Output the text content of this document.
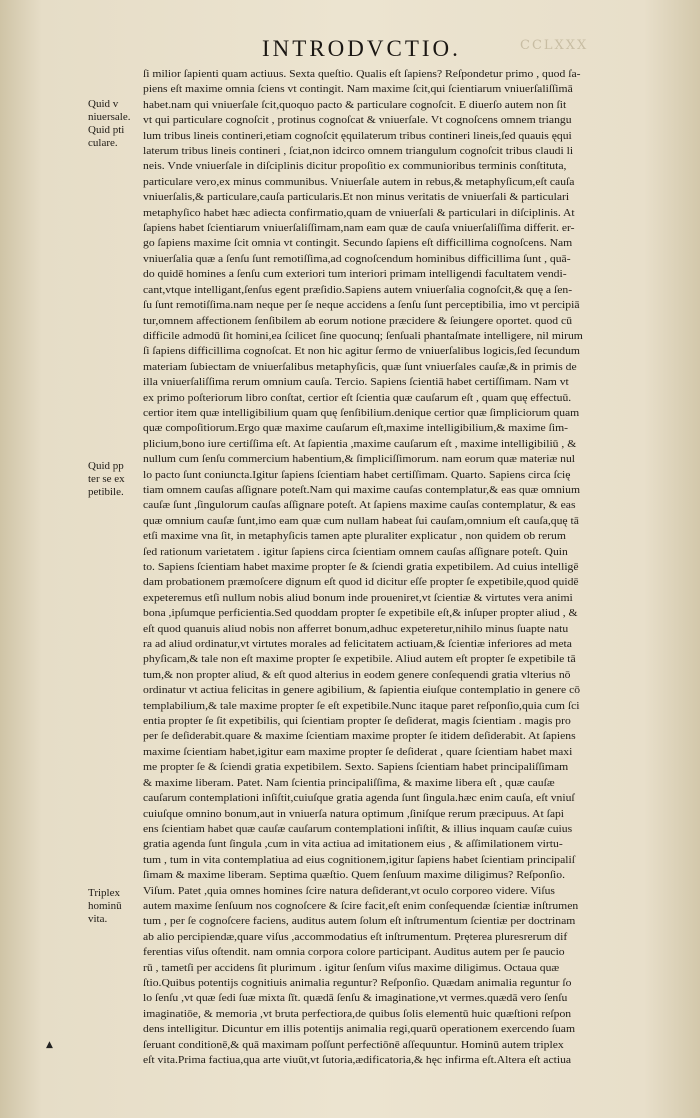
CCLXXX
INTRODVCTIO.
Quid v
niuersale.
Quid pti
culare.
Quid pp
ter se ex
petibile.
Triplex
hominū
vita.
ſi milior ſapienti quam actiuus. Sexta queſtio. Qualis eſt ſapiens? Reſpondetur primo , quod ſa-
piens eſt maxime omnia ſciens vt contingit. Nam maxime ſcit,qui ſcientiarum vniuerſaliſſimā
habet.nam qui vniuerſale ſcit,quoquo pacto & particulare cognoſcit. E diuerſo autem non ſit
vt qui particulare cognoſcit , protinus cognoſcat & vniuerſale. Vt cognoſcens omnem triangu
lum tribus lineis contineri,etiam cognoſcit ęquilaterum tribus contineri lineis,ſed quauis ęqui
laterum tribus lineis contineri , ſciat,non idcirco omnem triangulum cognoſcit tribus claudi li
neis. Vnde vniuerſale in diſciplinis dicitur propoſitio ex communioribus terminis conſtituta,
particulare vero,ex minus communibus. Vniuerſale autem in rebus,& metaphyſicum,eſt cauſa
vniuerſalis,& particulare,cauſa particularis.Et non minus veritatis de vniuerſali & particulari
metaphyſico habet hæc adiecta confirmatio,quam de vniuerſali & particulari in diſciplinis. At
ſapiens habet ſcientiarum vniuerſaliſſimam,nam eam quæ de cauſa vniuerſaliſſima differit. er-
go ſapiens maxime ſcit omnia vt contingit. Secundo ſapiens eſt difficillima cognoſcens. Nam
vniuerſalia quæ a ſenſu ſunt remotiſſima,ad cognoſcendum hominibus difficillima ſunt , quā-
do quidē homines a ſenſu cum exteriori tum interiori primam intelligendi facultatem vendi-
cant,vtque intelligant,ſenſus egent præſidio.Sapiens autem vniuerſalia cognoſcit,& quę a ſen-
ſu ſunt remotiſſima.nam neque per ſe neque accidens a ſenſu ſunt perceptibilia, imo vt percipiā
tur,omnem affectionem ſenſibilem ab eorum notione præcidere & ſeiungere oportet. quod cū
difficile admodū ſit homini,ea ſcilicet ſine quocunq; ſenſuali phantaſmate intelligere, nil mirum
ſi ſapiens difficillima cognoſcat. Et non hic agitur ſermo de vniuerſalibus logicis,ſed ſecundum
materiam ſubiectam de vniuerſalibus metaphyſicis, quæ ſunt vniuerſales cauſæ,& in primis de
illa vniuerſaliſſima rerum omnium cauſa. Tercio. Sapiens ſcientiā habet certiſſimam. Nam vt
ex primo poſteriorum libro conſtat, certior eſt ſcientia quæ cauſarum eſt , quam quę effectuū.
certior item quæ intelligibilium quam quę ſenſibilium.denique certior quæ ſimpliciorum quam
quæ compoſitiorum.Ergo quæ maxime cauſarum eſt,maxime intelligibilium,& maxime ſim-
plicium,bono iure certiſſima eſt. At ſapientia ,maxime cauſarum eſt , maxime intelligibiliū , &
nullum cum ſenſu commercium habentium,& ſimpliciſſimorum. nam eorum quæ materiæ nul
lo pacto ſunt coniuncta.Igitur ſapiens ſcientiam habet certiſſimam. Quarto. Sapiens circa ſcię
tiam omnem cauſas aſſignare poteſt.Nam qui maxime cauſas contemplatur,& eas quæ omnium
cauſæ ſunt ,ſingulorum cauſas aſſignare poteſt. At ſapiens maxime cauſas contemplatur, & eas
quæ omnium cauſæ ſunt,imo eam quæ cum nullam habeat ſui cauſam,omnium eſt cauſa,quę tā
etſi maxime vna ſit, in metaphyſicis tamen apte pluraliter explicatur , non quidem ob rerum
ſed rationum varietatem . igitur ſapiens circa ſcientiam omnem cauſas aſſignare poteſt. Quin
to. Sapiens ſcientiam habet maxime propter ſe & ſciendi gratia expetibilem. Ad cuius intelligē
dam probationem præmoſcere dignum eſt quod id dicitur eſſe propter ſe expetibile,quod quidē
expeteremus etſi nullum nobis aliud bonum inde proueniret,vt ſcientiæ & virtutes vera animi
bona ,ipſumque perficientia.Sed quoddam propter ſe expetibile eſt,& inſuper propter aliud , &
eſt quod quanuis aliud nobis non afferret bonum,adhuc expeteretur,nihilo minus ſuapte natu
ra ad aliud ordinatur,vt virtutes morales ad felicitatem actiuam,& ſcientiæ inferiores ad meta
phyſicam,& tale non eſt maxime propter ſe expetibile. Aliud autem eſt propter ſe expetibile tā
tum,& non propter aliud, & eſt quod alterius in eodem genere conſequendi gratia vlterius nō
ordinatur vt actiua felicitas in genere agibilium, & ſapientia eiuſque contemplatio in genere cō
templabilium,& tale maxime propter ſe eſt expetibile.Nunc itaque paret reſponſio,quia cum ſci
entia propter ſe ſit expetibilis, qui ſcientiam propter ſe deſiderat, magis ſcientiam . magis pro
per ſe deſiderabit.quare & maxime ſcientiam maxime propter ſe itidem deſiderabit. At ſapiens
maxime ſcientiam habet,igitur eam maxime propter ſe deſiderat , quare ſcientiam habet maxi
me propter ſe & ſciendi gratia expetibilem. Sexto. Sapiens ſcientiam habet principaliſſimam
& maxime liberam. Patet. Nam ſcientia principaliſſima, & maxime libera eſt , quæ cauſæ
cauſarum contemplationi inſiſtit,cuiuſque gratia agenda ſunt ſingula.hæc enim cauſa, eſt vniuſ
cuiuſque omnino bonum,aut in vniuerſa natura optimum ,ſiniſque rerum præcipuus. At ſapi
ens ſcientiam habet quæ cauſæ cauſarum contemplationi inſiſtit, & illius inquam cauſæ cuius
gratia agenda ſunt ſingula ,cum in vita actiua ad imitationem eius , & aſſimilationem virtu-
tum , tum in vita contemplatiua ad eius cognitionem,igitur ſapiens habet ſcientiam principaliſ
ſimam & maxime liberam. Septima quæſtio. Quem ſenſuum maxime diligimus? Reſponſio.
Viſum. Patet ,quia omnes homines ſcire natura deſiderant,vt oculo corporeo videre. Viſus
autem maxime ſenſuum nos cognoſcere & ſcire facit,eſt enim conſequendæ ſcientiæ inſtrumen
tum , per ſe cognoſcere faciens, auditus autem ſolum eſt inſtrumentum ſcientiæ per doctrinam
ab alio percipiendæ,quare viſus ,accommodatius eſt inſtrumentum. Pręterea pluresrerum dif
ferentias viſus oſtendit. nam omnia corpora colore participant. Auditus autem per ſe paucio
rū , tametſi per accidens ſit plurimum . igitur ſenſum viſus maxime diligimus. Octaua quæ
ſtio.Quibus potentijs cognitiuis animalia reguntur? Reſponſio. Quædam animalia reguntur ſo
lo ſenſu ,vt quæ ſedi ſuæ mixta ſīt. quædā ſenſu & imaginatione,vt vermes.quædā vero ſenſu
imaginatiōe, & memoria ,vt bruta perfectiora,de quibus ſolis elementū huic quæſtioni reſpon
dens intelligitur. Dicuntur em illis potentijs animalia regi,quarū operationem exercendo ſuam
ſeruant conditionē,& quā maximam poſſunt perfectiōnē aſſequuntur. Hominū autem triplex
eſt vita.Prima factiua,qua arte viuūt,vt ſutoria,ædificatoria,& hęc infirma eſt.Altera eſt actiua
▲
